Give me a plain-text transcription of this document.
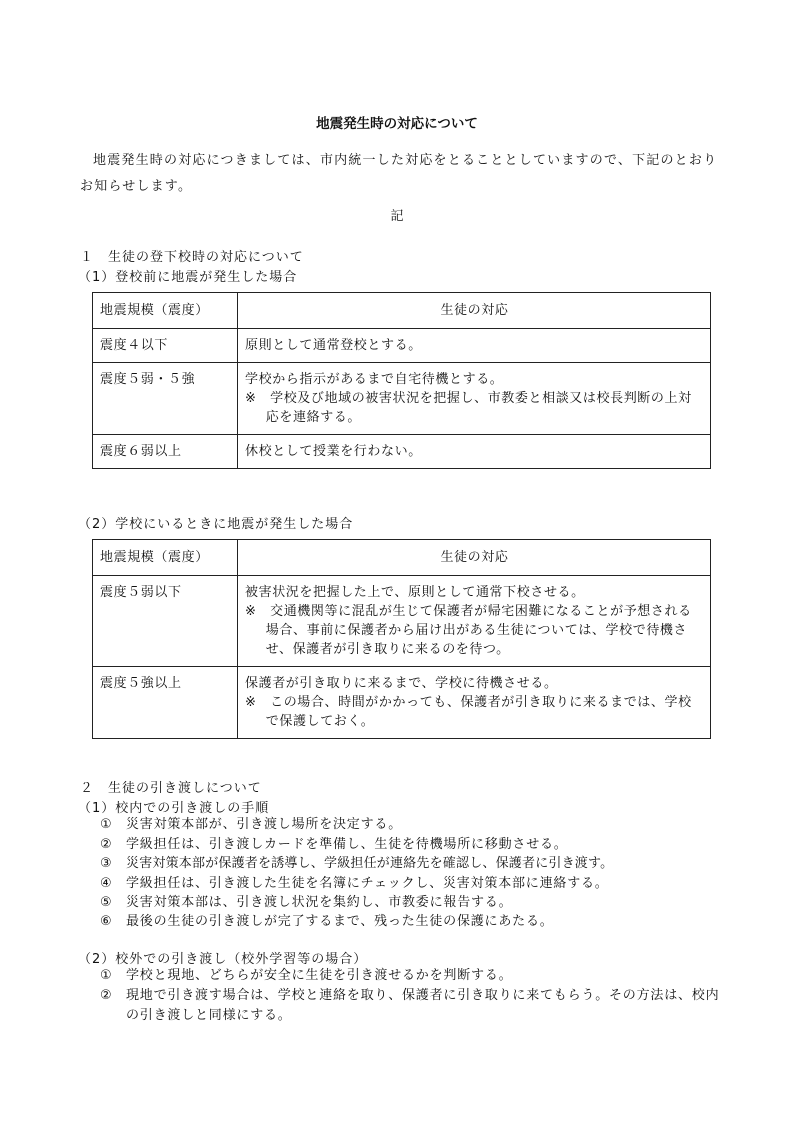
地震発生時の対応について
地震発生時の対応につきましては、市内統一した対応をとることとしていますので、下記のとおりお知らせします。
記
１　生徒の登下校時の対応について
（1）登校前に地震が発生した場合
地震規模（震度）	生徒の対応
震度４以下	原則として通常登校とする。

震度５弱・５強	学校から指示があるまで自宅待機とする。
※　学校及び地域の被害状況を把握し、市教委と相談又は校長判断の上対応を連絡する。

震度６弱以上	休校として授業を行わない。
（2）学校にいるときに地震が発生した場合
地震規模（震度）	生徒の対応
震度５弱以下	被害状況を把握した上で、原則として通常下校させる。
※　交通機関等に混乱が生じて保護者が帰宅困難になることが予想される場合、事前に保護者から届け出がある生徒については、学校で待機させ、保護者が引き取りに来るのを待つ。

震度５強以上	保護者が引き取りに来るまで、学校に待機させる。
※　この場合、時間がかかっても、保護者が引き取りに来るまでは、学校で保護しておく。
２　生徒の引き渡しについて
（1）校内での引き渡しの手順
① 災害対策本部が、引き渡し場所を決定する。
② 学級担任は、引き渡しカードを準備し、生徒を待機場所に移動させる。
③ 災害対策本部が保護者を誘導し、学級担任が連絡先を確認し、保護者に引き渡す。
④ 学級担任は、引き渡した生徒を名簿にチェックし、災害対策本部に連絡する。
⑤ 災害対策本部は、引き渡し状況を集約し、市教委に報告する。
⑥ 最後の生徒の引き渡しが完了するまで、残った生徒の保護にあたる。
（2）校外での引き渡し（校外学習等の場合）
① 学校と現地、どちらが安全に生徒を引き渡せるかを判断する。
②	現地で引き渡す場合は、学校と連絡を取り、保護者に引き取りに来てもらう。その方法は、校内の引き渡しと同様にする。
